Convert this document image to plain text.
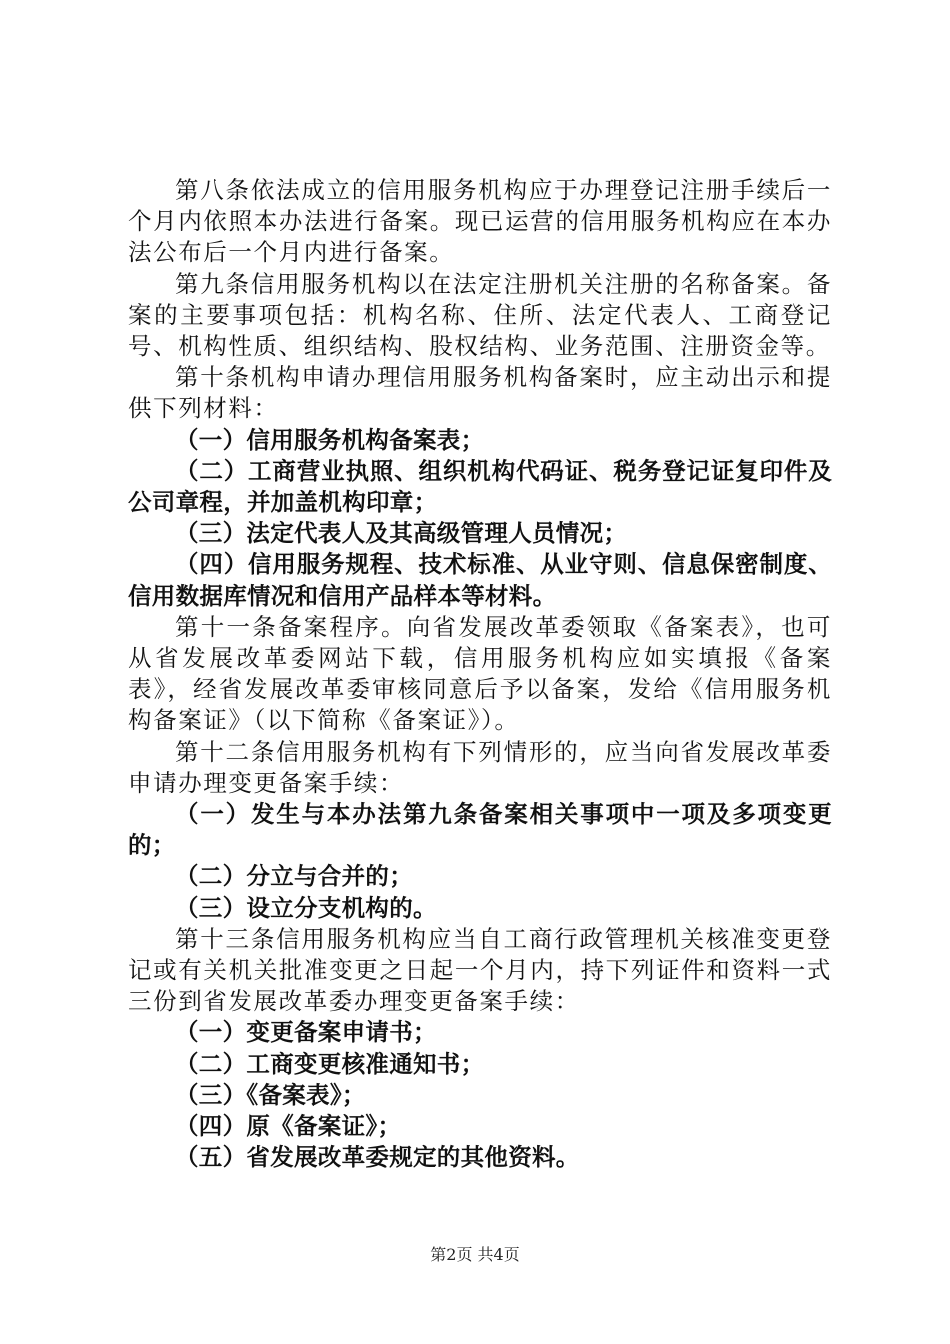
第八条依法成立的信用服务机构应于办理登记注册手续后一个月内依照本办法进行备案。现已运营的信用服务机构应在本办法公布后一个月内进行备案。

第九条信用服务机构以在法定注册机关注册的名称备案。备案的主要事项包括：机构名称、住所、法定代表人、工商登记号、机构性质、组织结构、股权结构、业务范围、注册资金等。

第十条机构申请办理信用服务机构备案时，应主动出示和提供下列材料：

（一）信用服务机构备案表；

（二）工商营业执照、组织机构代码证、税务登记证复印件及公司章程，并加盖机构印章；

（三）法定代表人及其高级管理人员情况；

（四）信用服务规程、技术标准、从业守则、信息保密制度、信用数据库情况和信用产品样本等材料。

第十一条备案程序。向省发展改革委领取《备案表》，也可从省发展改革委网站下载，信用服务机构应如实填报《备案表》，经省发展改革委审核同意后予以备案，发给《信用服务机构备案证》（以下简称《备案证》）。

第十二条信用服务机构有下列情形的，应当向省发展改革委申请办理变更备案手续：

（一）发生与本办法第九条备案相关事项中一项及多项变更的；

（二）分立与合并的；

（三）设立分支机构的。

第十三条信用服务机构应当自工商行政管理机关核准变更登记或有关机关批准变更之日起一个月内，持下列证件和资料一式三份到省发展改革委办理变更备案手续：

（一）变更备案申请书；

（二）工商变更核准通知书；

（三）《备案表》；

（四）原《备案证》；

（五）省发展改革委规定的其他资料。

第2页 共4页
